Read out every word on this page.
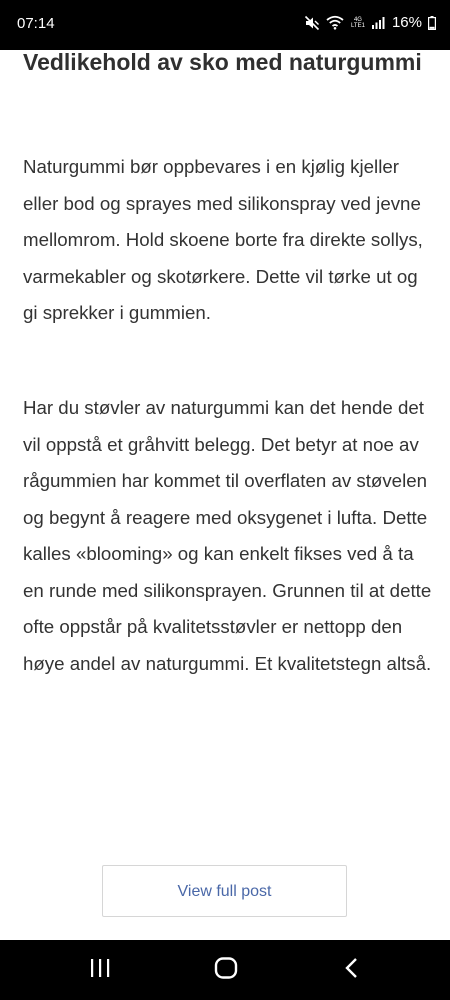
07:14	4G LTE1 16%
Vedlikehold av sko med naturgummi

Naturgummi bør oppbevares i en kjølig kjeller eller bod og sprayes med silikonspray ved jevne mellomrom. Hold skoene borte fra direkte sollys, varmekabler og skotørkere. Dette vil tørke ut og gi sprekker i gummien.

Har du støvler av naturgummi kan det hende det vil oppstå et gråhvitt belegg. Det betyr at noe av rågummien har kommet til overflaten av støvelen og begynt å reagere med oksygenet i lufta. Dette kalles «blooming» og kan enkelt fikses ved å ta en runde med silikonsprayen. Grunnen til at dette ofte oppstår på kvalitetsstøvler er nettopp den høye andel av naturgummi. Et kvalitetstegn altså.

View full post
